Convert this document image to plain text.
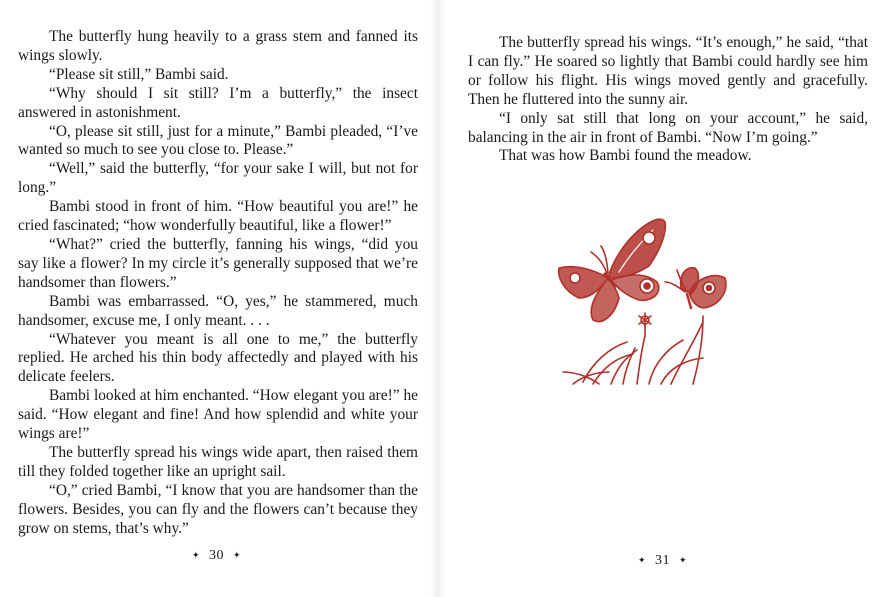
The butterfly hung heavily to a grass stem and fanned its wings slowly.

“Please sit still,” Bambi said.

“Why should I sit still? I’m a butterfly,” the insect answered in astonishment.

“O, please sit still, just for a minute,” Bambi pleaded, “I’ve wanted so much to see you close to. Please.”

“Well,” said the butterfly, “for your sake I will, but not for long.”

Bambi stood in front of him. “How beautiful you are!” he cried fascinated; “how wonderfully beautiful, like a flower!”

“What?” cried the butterfly, fanning his wings, “did you say like a flower? In my circle it’s generally supposed that we’re handsomer than flowers.”

Bambi was embarrassed. “O, yes,” he stammered, much handsomer, excuse me, I only meant. . . .

“Whatever you meant is all one to me,” the butterfly replied. He arched his thin body affectedly and played with his delicate feelers.

Bambi looked at him enchanted. “How elegant you are!” he said. “How elegant and fine! And how splendid and white your wings are!”

The butterfly spread his wings wide apart, then raised them till they folded together like an upright sail.

“O,” cried Bambi, “I know that you are handsomer than the flowers. Besides, you can fly and the flowers can’t because they grow on stems, that’s why.”

✦ 30 ✦

The butterfly spread his wings. “It’s enough,” he said, “that I can fly.” He soared so lightly that Bambi could hardly see him or follow his flight. His wings moved gently and gracefully. Then he fluttered into the sunny air.

“I only sat still that long on your account,” he said, balancing in the air in front of Bambi. “Now I’m going.”

That was how Bambi found the meadow.

✦ 31 ✦
